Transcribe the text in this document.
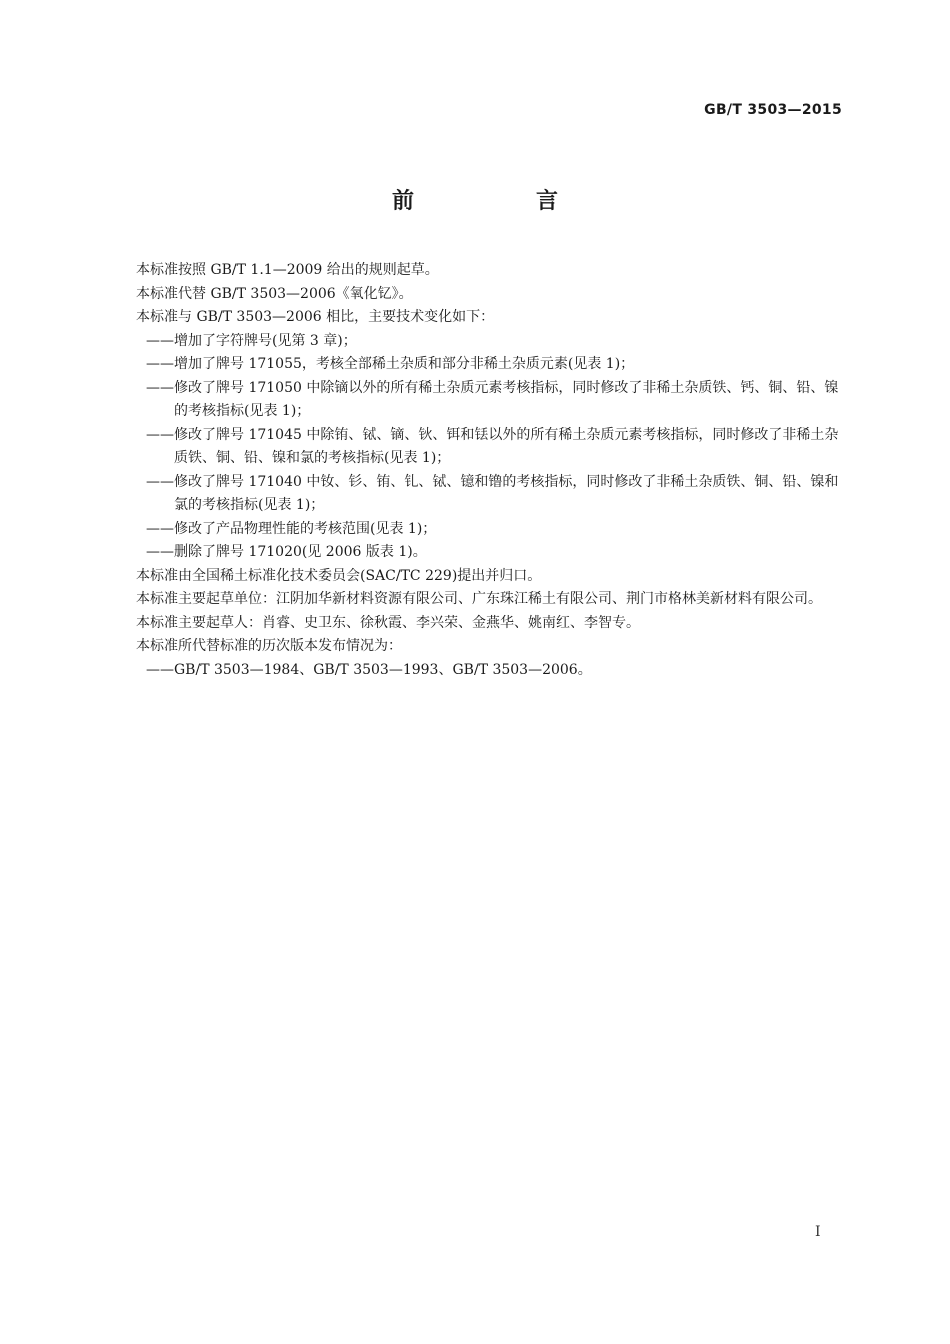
GB/T 3503—2015
前　言

本标准按照 GB/T 1.1—2009 给出的规则起草。

本标准代替 GB/T 3503—2006《氧化钇》。

本标准与 GB/T 3503—2006 相比，主要技术变化如下：

——增加了字符牌号(见第 3 章)；

——增加了牌号 171055，考核全部稀土杂质和部分非稀土杂质元素(见表 1)；

——修改了牌号 171050 中除镝以外的所有稀土杂质元素考核指标，同时修改了非稀土杂质铁、钙、铜、铅、镍的考核指标(见表 1)；

——修改了牌号 171045 中除铕、铽、镝、钬、铒和铥以外的所有稀土杂质元素考核指标，同时修改了非稀土杂质铁、铜、铅、镍和氯的考核指标(见表 1)；

——修改了牌号 171040 中钕、钐、铕、钆、铽、镱和镥的考核指标，同时修改了非稀土杂质铁、铜、铅、镍和氯的考核指标(见表 1)；

——修改了产品物理性能的考核范围(见表 1)；

——删除了牌号 171020(见 2006 版表 1)。

本标准由全国稀土标准化技术委员会(SAC/TC 229)提出并归口。

本标准主要起草单位：江阴加华新材料资源有限公司、广东珠江稀土有限公司、荆门市格林美新材料有限公司。

本标准主要起草人：肖睿、史卫东、徐秋霞、李兴荣、金燕华、姚南红、李智专。

本标准所代替标准的历次版本发布情况为：

——GB/T 3503—1984、GB/T 3503—1993、GB/T 3503—2006。

I
